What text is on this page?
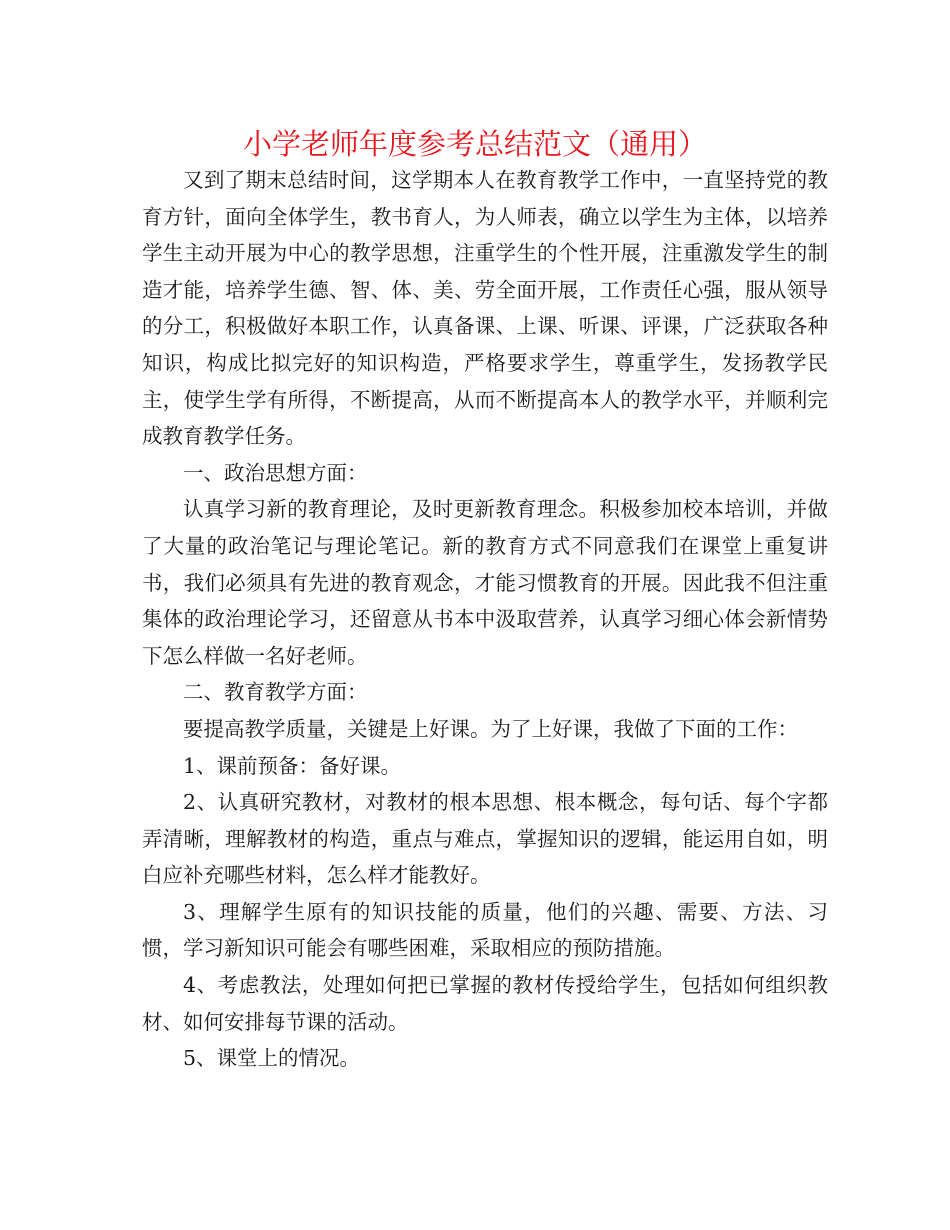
小学老师年度参考总结范文（通用）

又到了期末总结时间，这学期本人在教育教学工作中，一直坚持党的教育方针，面向全体学生，教书育人，为人师表，确立以学生为主体，以培养学生主动开展为中心的教学思想，注重学生的个性开展，注重激发学生的制造才能，培养学生德、智、体、美、劳全面开展，工作责任心强，服从领导的分工，积极做好本职工作，认真备课、上课、听课、评课，广泛获取各种知识，构成比拟完好的知识构造，严格要求学生，尊重学生，发扬教学民主，使学生学有所得，不断提高，从而不断提高本人的教学水平，并顺利完成教育教学任务。

一、政治思想方面：

认真学习新的教育理论，及时更新教育理念。积极参加校本培训，并做了大量的政治笔记与理论笔记。新的教育方式不同意我们在课堂上重复讲书，我们必须具有先进的教育观念，才能习惯教育的开展。因此我不但注重集体的政治理论学习，还留意从书本中汲取营养，认真学习细心体会新情势下怎么样做一名好老师。

二、教育教学方面：

要提高教学质量，关键是上好课。为了上好课，我做了下面的工作：

1、课前预备：备好课。

2、认真研究教材，对教材的根本思想、根本概念，每句话、每个字都弄清晰，理解教材的构造，重点与难点，掌握知识的逻辑，能运用自如，明白应补充哪些材料，怎么样才能教好。

3、理解学生原有的知识技能的质量，他们的兴趣、需要、方法、习惯，学习新知识可能会有哪些困难，采取相应的预防措施。

4、考虑教法，处理如何把已掌握的教材传授给学生，包括如何组织教材、如何安排每节课的活动。

5、课堂上的情况。
